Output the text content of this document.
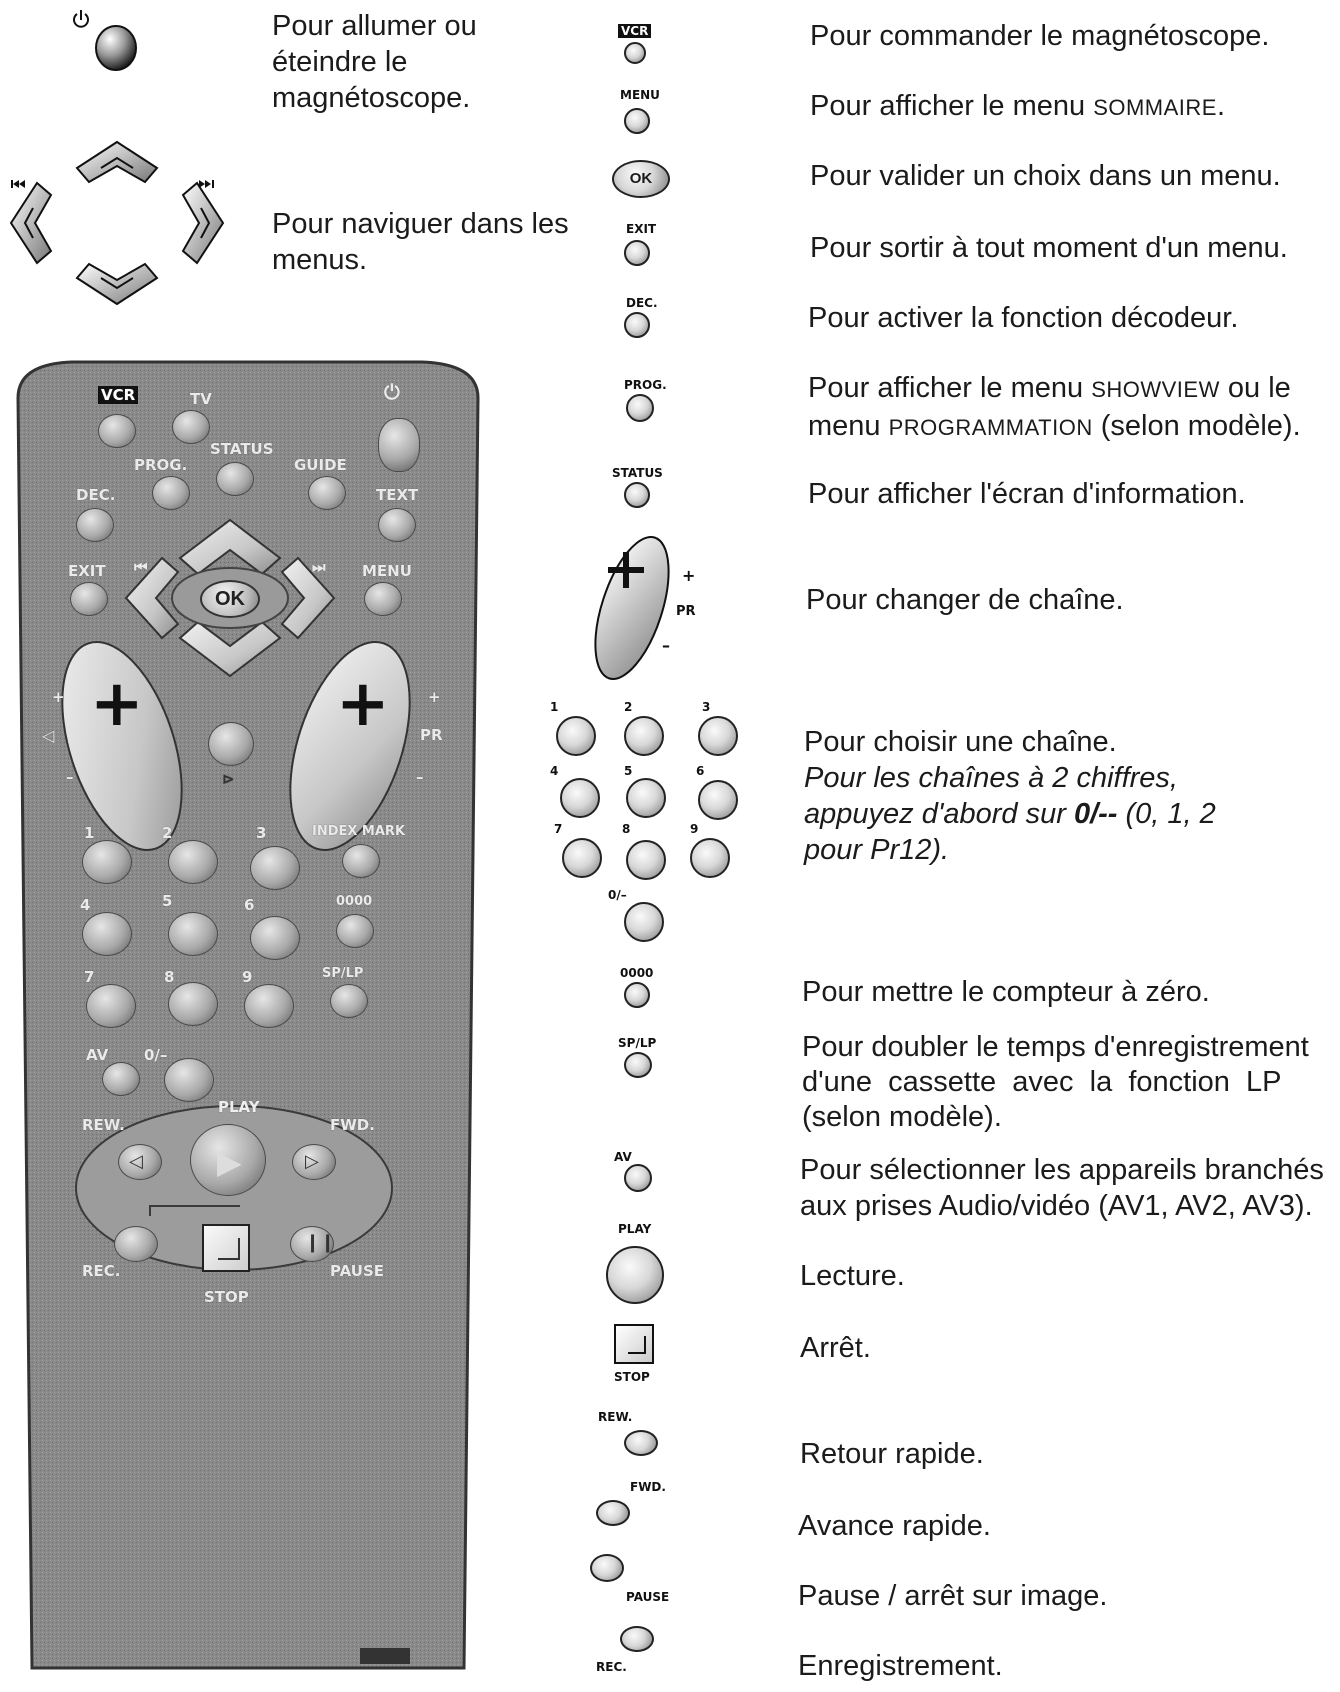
Pour allumer ou
éteindre le
magnétoscope.
Pour naviguer dans les
menus.
VCR	TV	⏻
STATUS
PROG.	GUIDE
DEC.	TEXT
EXIT ⏮	⏭ MENU
OK
+
◁
–
+	+
PR
–
+
⊳
1	2	3	INDEX MARK
4	5	6	0000
7	8	9	SP/LP
AV 0/–
PLAY
REW.	FWD.
▶
◁	▷
❙❙
REC.	PAUSE
STOP
VCR
MENU
OK
EXIT
DEC.
PROG.
STATUS
+
PR
–
1	2	3
4	5	6
7	8	9
0/–
0000
SP/LP
AV
PLAY
STOP
REW.
FWD.
PAUSE
REC.
Pour commander le magnétoscope.
Pour afficher le menu SOMMAIRE.
Pour valider un choix dans un menu.
Pour sortir à tout moment d'un menu.
Pour activer la fonction décodeur.
Pour afficher le menu SHOWVIEW ou le
menu PROGRAMMATION (selon modèle).
Pour afficher l'écran d'information.
Pour changer de chaîne.
Pour choisir une chaîne.
Pour les chaînes à 2 chiffres,
appuyez d'abord sur 0/-- (0, 1, 2
pour Pr12).
Pour mettre le compteur à zéro.
Pour doubler le temps d'enregistrement
d'une  cassette  avec  la  fonction  LP
(selon modèle).
Pour sélectionner les appareils branchés
aux prises Audio/vidéo (AV1, AV2, AV3).
Lecture.
Arrêt.
Retour rapide.
Avance rapide.
Pause / arrêt sur image.
Enregistrement.
